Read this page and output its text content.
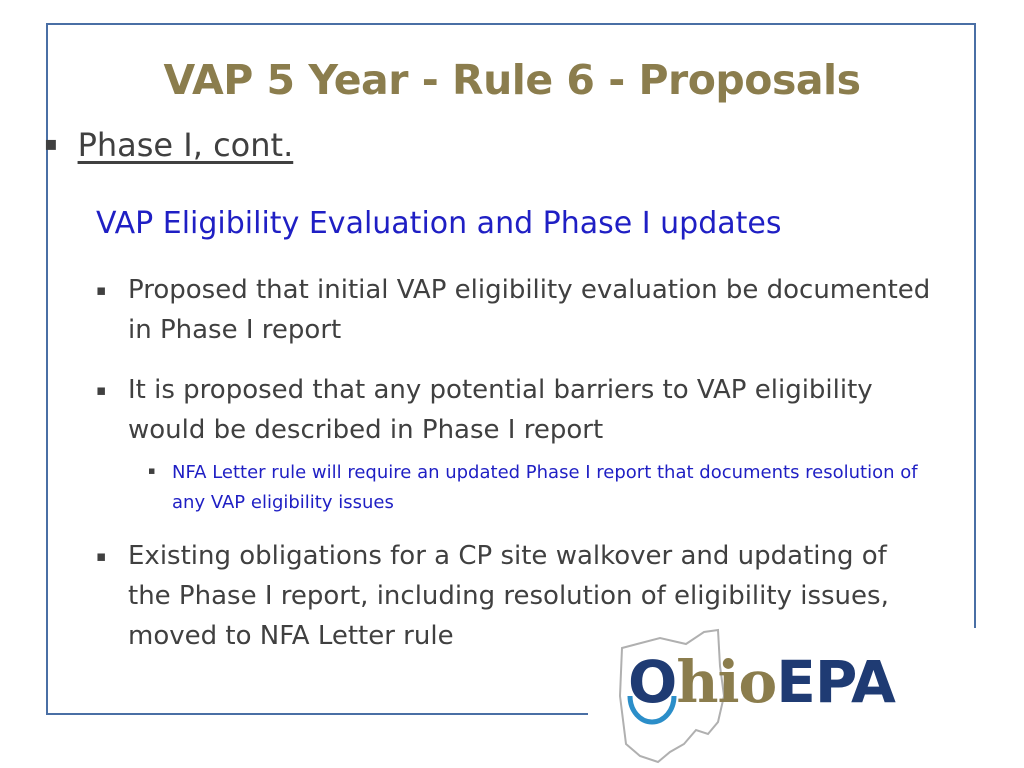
VAP 5 Year - Rule 6 - Proposals
▪ Phase I, cont.
VAP Eligibility Evaluation and Phase I updates
▪ Proposed that initial VAP eligibility evaluation be documented in Phase I report
▪ It is proposed that any potential barriers to VAP eligibility would be described in Phase I report
▪ NFA Letter rule will require an updated Phase I report that documents resolution of any VAP eligibility issues
▪ Existing obligations for a CP site walkover and updating of the Phase I report, including resolution of eligibility issues, moved to NFA Letter rule
OhioEPA
